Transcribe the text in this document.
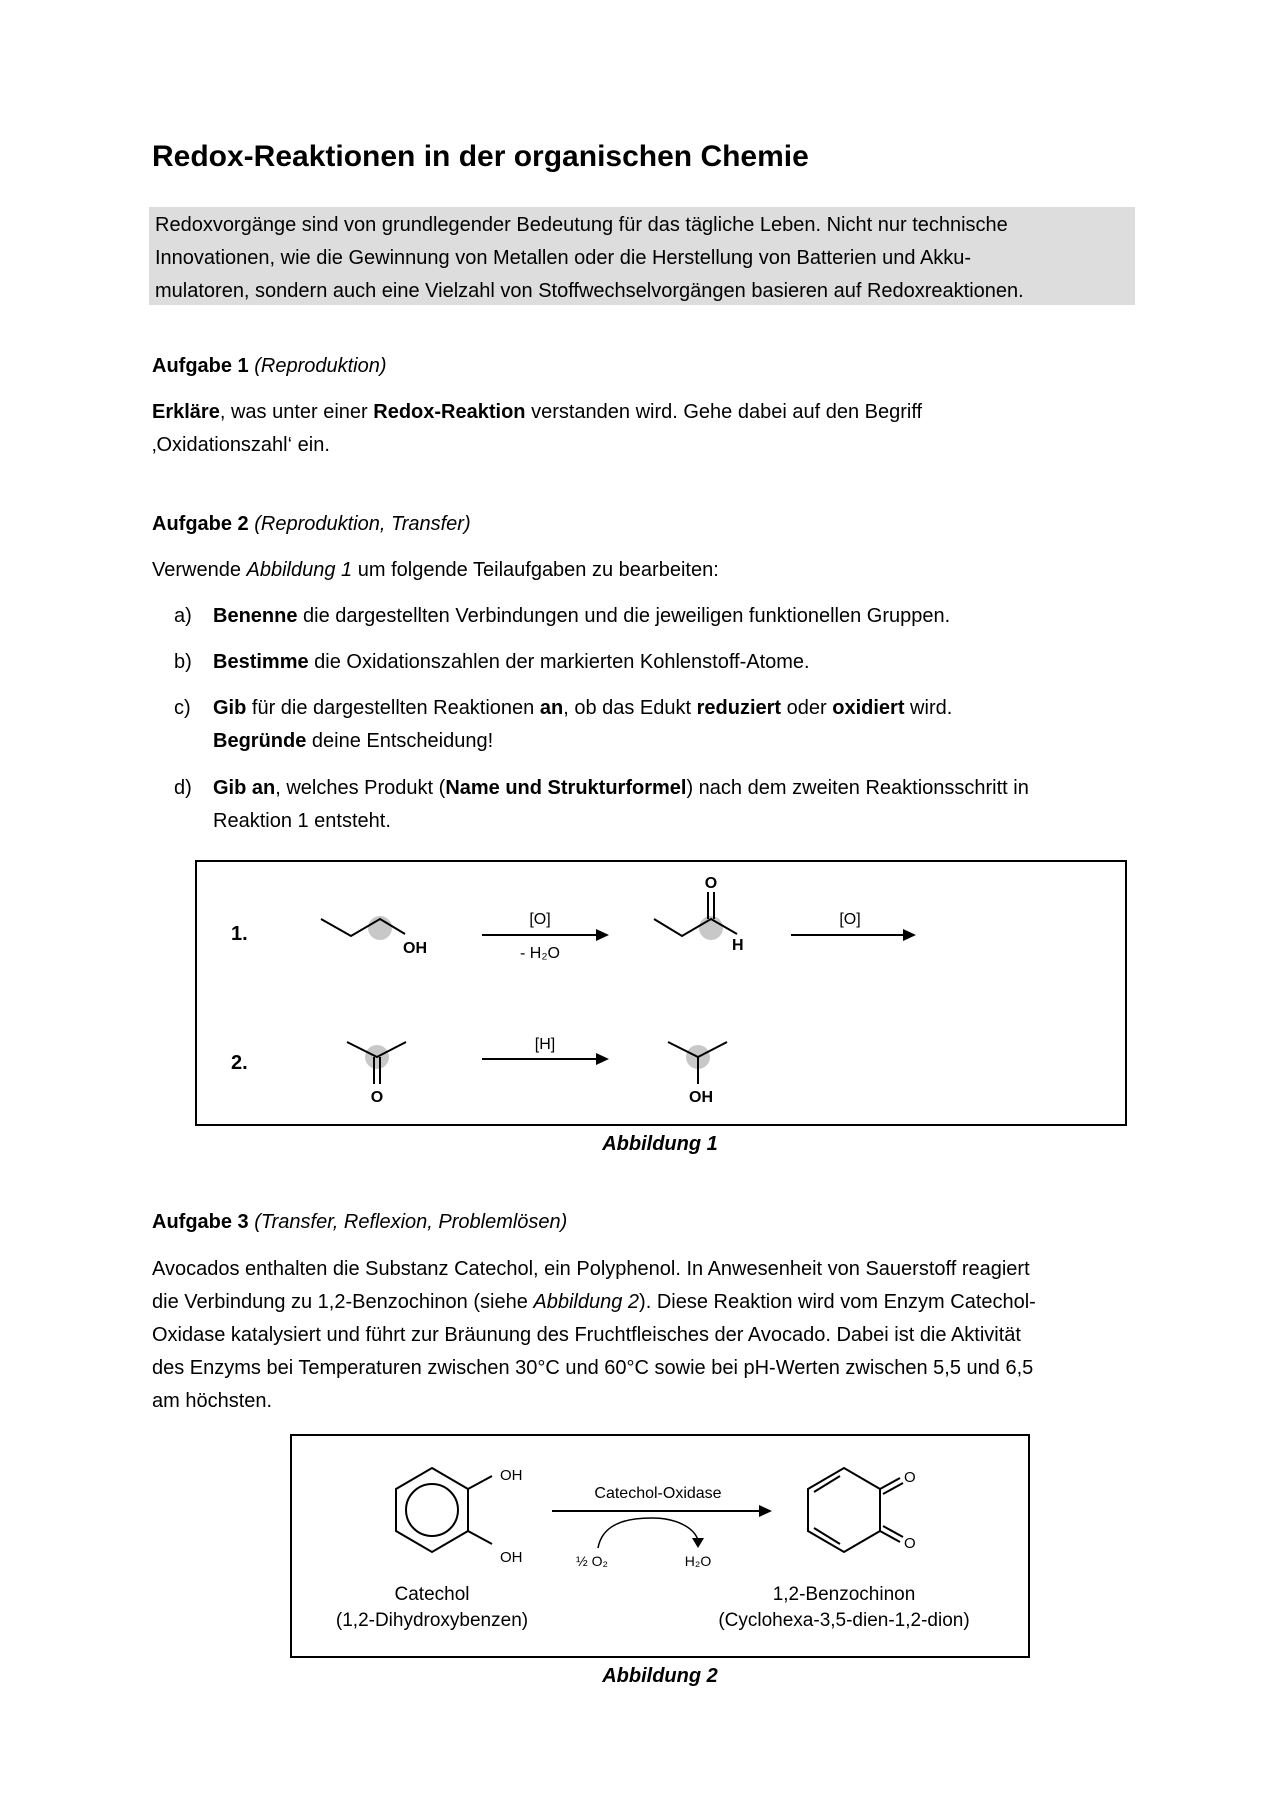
Redox-Reaktionen in der organischen Chemie
Redoxvorgänge sind von grundlegender Bedeutung für das tägliche Leben. Nicht nur technische
Innovationen, wie die Gewinnung von Metallen oder die Herstellung von Batterien und Akku-
mulatoren, sondern auch eine Vielzahl von Stoffwechselvorgängen basieren auf Redoxreaktionen.
Aufgabe 1 (Reproduktion)
Erkläre, was unter einer Redox-Reaktion verstanden wird. Gehe dabei auf den Begriff
‚Oxidationszahl‘ ein.
Aufgabe 2 (Reproduktion, Transfer)
Verwende Abbildung 1 um folgende Teilaufgaben zu bearbeiten:
a) Benenne die dargestellten Verbindungen und die jeweiligen funktionellen Gruppen.
b) Bestimme die Oxidationszahlen der markierten Kohlenstoff-Atome.
c) Gib für die dargestellten Reaktionen an, ob das Edukt reduziert oder oxidiert wird.
Begründe deine Entscheidung!
d) Gib an, welches Produkt (Name und Strukturformel) nach dem zweiten Reaktionsschritt in
Reaktion 1 entsteht.
1.
2.
OH
[O]
- H₂O
O
H
[O]
O
[H]
OH
Abbildung 1
Aufgabe 3 (Transfer, Reflexion, Problemlösen)
Avocados enthalten die Substanz Catechol, ein Polyphenol. In Anwesenheit von Sauerstoff reagiert
die Verbindung zu 1,2-Benzochinon (siehe Abbildung 2). Diese Reaktion wird vom Enzym Catechol-
Oxidase katalysiert und führt zur Bräunung des Fruchtfleisches der Avocado. Dabei ist die Aktivität
des Enzyms bei Temperaturen zwischen 30°C und 60°C sowie bei pH-Werten zwischen 5,5 und 6,5
am höchsten.
OH
OH
Catechol-Oxidase
½ O₂	H₂O
O
O
Catechol
(1,2-Dihydroxybenzen)
1,2-Benzochinon
(Cyclohexa-3,5-dien-1,2-dion)
Abbildung 2
